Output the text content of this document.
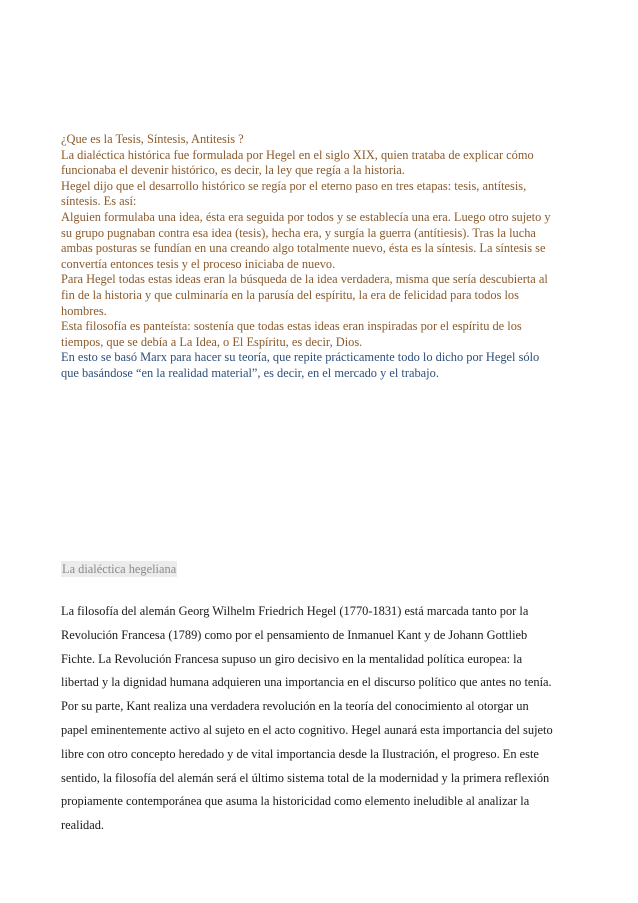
¿Que es la Tesis, Síntesis, Antitesis ?
La dialéctica histórica fue formulada por Hegel en el siglo XIX, quien trataba de explicar cómo
funcionaba el devenir histórico, es decir, la ley que regía a la historia.
Hegel dijo que el desarrollo histórico se regía por el eterno paso en tres etapas: tesis, antítesis,
síntesis. Es así:
Alguien formulaba una idea, ésta era seguida por todos y se establecía una era. Luego otro sujeto y
su grupo pugnaban contra esa idea (tesis), hecha era, y surgía la guerra (antítiesis). Tras la lucha
ambas posturas se fundían en una creando algo totalmente nuevo, ésta es la síntesis. La síntesis se
convertía entonces tesis y el proceso iniciaba de nuevo.
Para Hegel todas estas ideas eran la búsqueda de la idea verdadera, misma que sería descubierta al
fin de la historia y que culminaría en la parusía del espíritu, la era de felicidad para todos los
hombres.
Esta filosofía es panteísta: sostenía que todas estas ideas eran inspiradas por el espíritu de los
tiempos, que se debía a La Idea, o El Espíritu, es decir, Dios.
En esto se basó Marx para hacer su teoría, que repite prácticamente todo lo dicho por Hegel sólo
que basándose “en la realidad material”, es decir, en el mercado y el trabajo.
La dialéctica hegeliana
La filosofía del alemán Georg Wilhelm Friedrich Hegel (1770-1831) está marcada tanto por la
Revolución Francesa (1789) como por el pensamiento de Inmanuel Kant y de Johann Gottlieb
Fichte. La Revolución Francesa supuso un giro decisivo en la mentalidad política europea: la
libertad y la dignidad humana adquieren una importancia en el discurso político que antes no tenía.
Por su parte, Kant realiza una verdadera revolución en la teoría del conocimiento al otorgar un
papel eminentemente activo al sujeto en el acto cognitivo. Hegel aunará esta importancia del sujeto
libre con otro concepto heredado y de vital importancia desde la Ilustración, el progreso. En este
sentido, la filosofía del alemán será el último sistema total de la modernidad y la primera reflexión
propiamente contemporánea que asuma la historicidad como elemento ineludible al analizar la
realidad.
